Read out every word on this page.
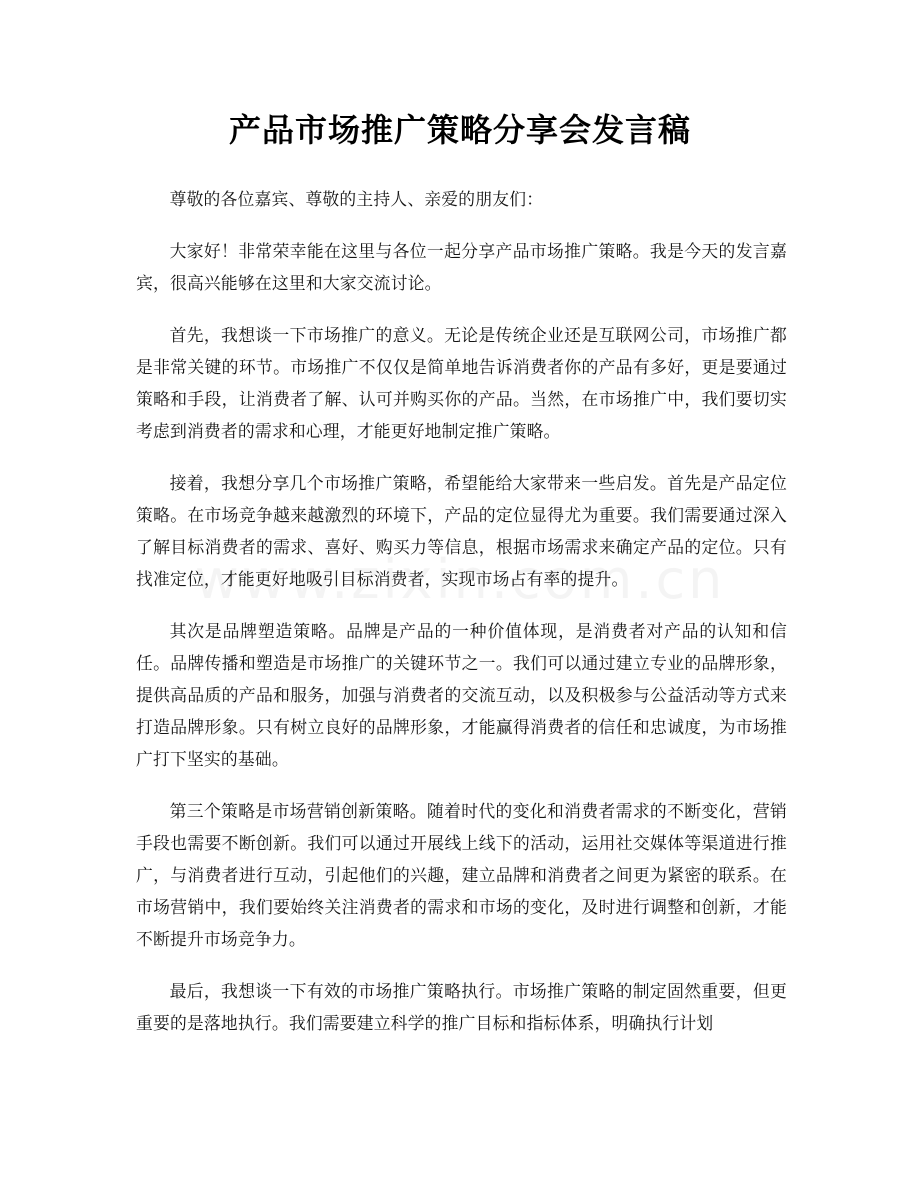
产品市场推广策略分享会发言稿

尊敬的各位嘉宾、尊敬的主持人、亲爱的朋友们：

大家好！非常荣幸能在这里与各位一起分享产品市场推广策略。我是今天的发言嘉宾，很高兴能够在这里和大家交流讨论。

首先，我想谈一下市场推广的意义。无论是传统企业还是互联网公司，市场推广都是非常关键的环节。市场推广不仅仅是简单地告诉消费者你的产品有多好，更是要通过策略和手段，让消费者了解、认可并购买你的产品。当然，在市场推广中，我们要切实考虑到消费者的需求和心理，才能更好地制定推广策略。

接着，我想分享几个市场推广策略，希望能给大家带来一些启发。首先是产品定位策略。在市场竞争越来越激烈的环境下，产品的定位显得尤为重要。我们需要通过深入了解目标消费者的需求、喜好、购买力等信息，根据市场需求来确定产品的定位。只有找准定位，才能更好地吸引目标消费者，实现市场占有率的提升。

其次是品牌塑造策略。品牌是产品的一种价值体现，是消费者对产品的认知和信任。品牌传播和塑造是市场推广的关键环节之一。我们可以通过建立专业的品牌形象，提供高品质的产品和服务，加强与消费者的交流互动，以及积极参与公益活动等方式来打造品牌形象。只有树立良好的品牌形象，才能赢得消费者的信任和忠诚度，为市场推广打下坚实的基础。

第三个策略是市场营销创新策略。随着时代的变化和消费者需求的不断变化，营销手段也需要不断创新。我们可以通过开展线上线下的活动，运用社交媒体等渠道进行推广，与消费者进行互动，引起他们的兴趣，建立品牌和消费者之间更为紧密的联系。在市场营销中，我们要始终关注消费者的需求和市场的变化，及时进行调整和创新，才能不断提升市场竞争力。

最后，我想谈一下有效的市场推广策略执行。市场推广策略的制定固然重要，但更重要的是落地执行。我们需要建立科学的推广目标和指标体系，明确执行计划
